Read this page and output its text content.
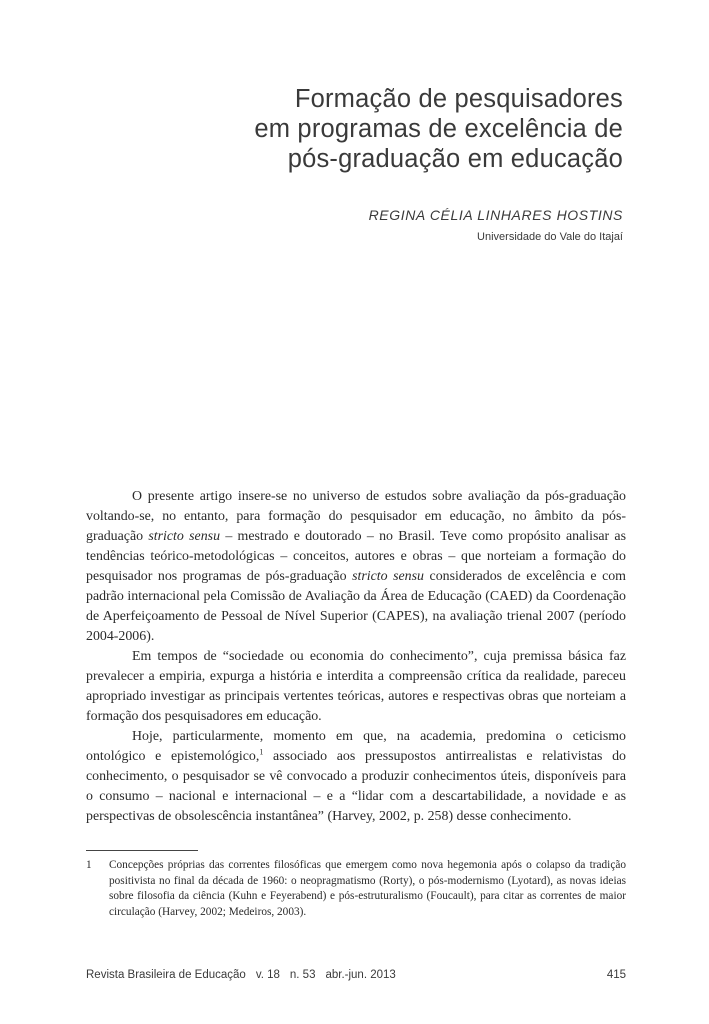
Formação de pesquisadores
em programas de excelência de
pós-graduação em educação
REGINA CÉLIA LINHARES HOSTINS
Universidade do Vale do Itajaí

O presente artigo insere-se no universo de estudos sobre avaliação da pós-graduação voltando-se, no entanto, para formação do pesquisador em educação, no âmbito da pós-graduação stricto sensu – mestrado e doutorado – no Brasil. Teve como propósito analisar as tendências teórico-metodológicas – conceitos, autores e obras – que norteiam a formação do pesquisador nos programas de pós-graduação stricto sensu considerados de excelência e com padrão internacional pela Comissão de Avaliação da Área de Educação (CAED) da Coordenação de Aperfeiçoamento de Pessoal de Nível Superior (CAPES), na avaliação trienal 2007 (período 2004-2006).

Em tempos de “sociedade ou economia do conhecimento”, cuja premissa básica faz prevalecer a empiria, expurga a história e interdita a compreensão crítica da realidade, pareceu apropriado investigar as principais vertentes teóricas, autores e respectivas obras que norteiam a formação dos pesquisadores em educação.

Hoje, particularmente, momento em que, na academia, predomina o ceticismo ontológico e epistemológico,$^1$ associado aos pressupostos antirrealistas e relativistas do conhecimento, o pesquisador se vê convocado a produzir conhecimentos úteis, disponíveis para o consumo – nacional e internacional – e a “lidar com a descartabilidade, a novidade e as perspectivas de obsolescência instantânea” (Harvey, 2002, p. 258) desse conhecimento.

1 Concepções próprias das correntes filosóficas que emergem como nova hegemonia após o colapso da tradição positivista no final da década de 1960: o neopragmatismo (Rorty), o pós-modernismo (Lyotard), as novas ideias sobre filosofia da ciência (Kuhn e Feyerabend) e pós-estruturalismo (Foucault), para citar as correntes de maior circulação (Harvey, 2002; Medeiros, 2003).
Revista Brasileira de Educação v. 18 n. 53 abr.-jun. 2013	415
